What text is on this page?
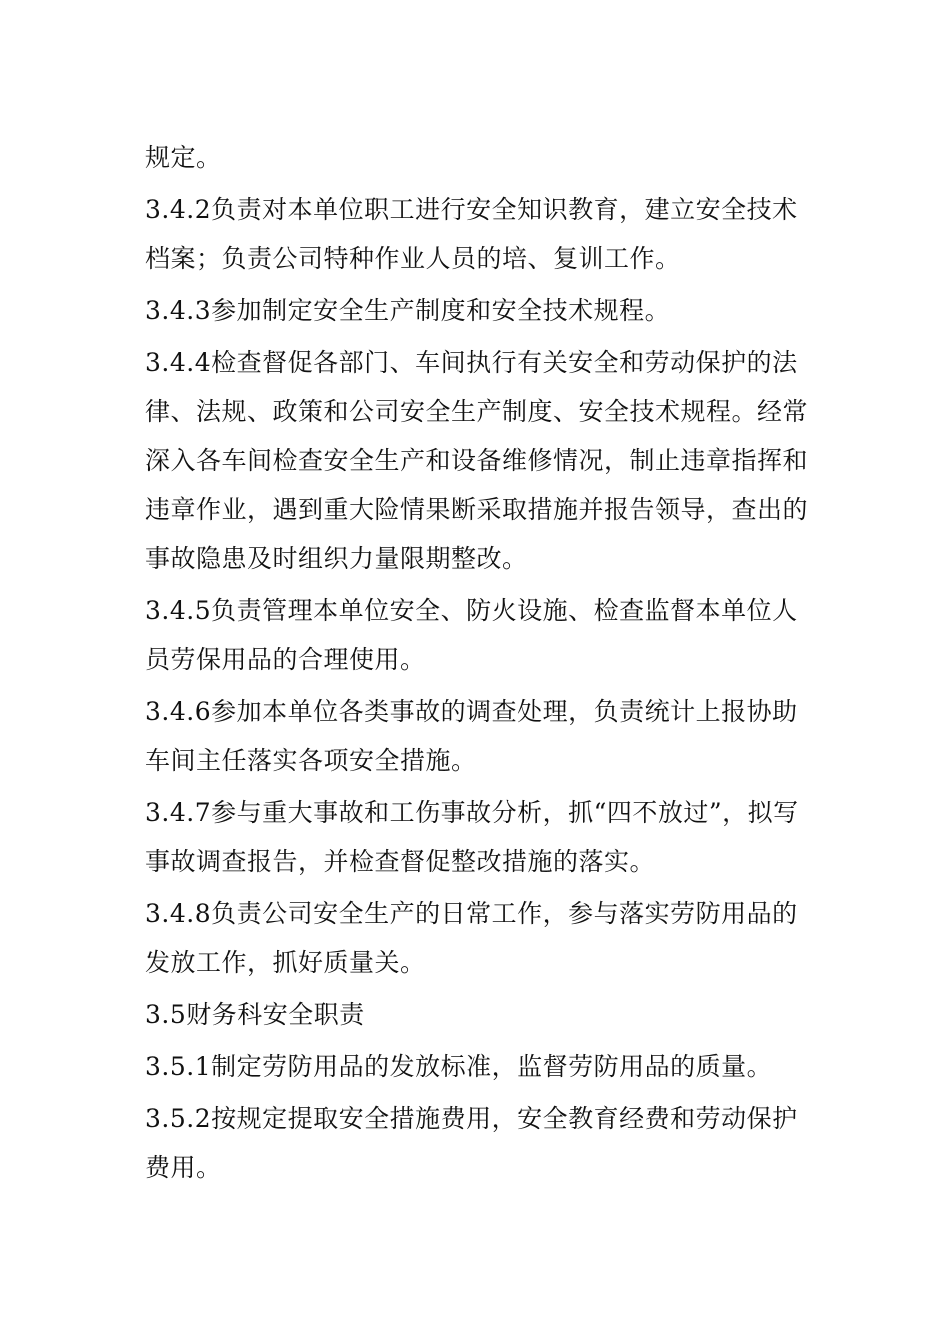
规定。

3.4.2负责对本单位职工进行安全知识教育，建立安全技术档案；负责公司特种作业人员的培、复训工作。

3.4.3参加制定安全生产制度和安全技术规程。

3.4.4检查督促各部门、车间执行有关安全和劳动保护的法律、法规、政策和公司安全生产制度、安全技术规程。经常深入各车间检查安全生产和设备维修情况，制止违章指挥和违章作业，遇到重大险情果断采取措施并报告领导，查出的事故隐患及时组织力量限期整改。

3.4.5负责管理本单位安全、防火设施、检查监督本单位人员劳保用品的合理使用。

3.4.6参加本单位各类事故的调查处理，负责统计上报协助车间主任落实各项安全措施。

3.4.7参与重大事故和工伤事故分析，抓“四不放过”，拟写事故调查报告，并检查督促整改措施的落实。

3.4.8负责公司安全生产的日常工作，参与落实劳防用品的发放工作，抓好质量关。

3.5财务科安全职责

3.5.1制定劳防用品的发放标准，监督劳防用品的质量。

3.5.2按规定提取安全措施费用，安全教育经费和劳动保护费用。
